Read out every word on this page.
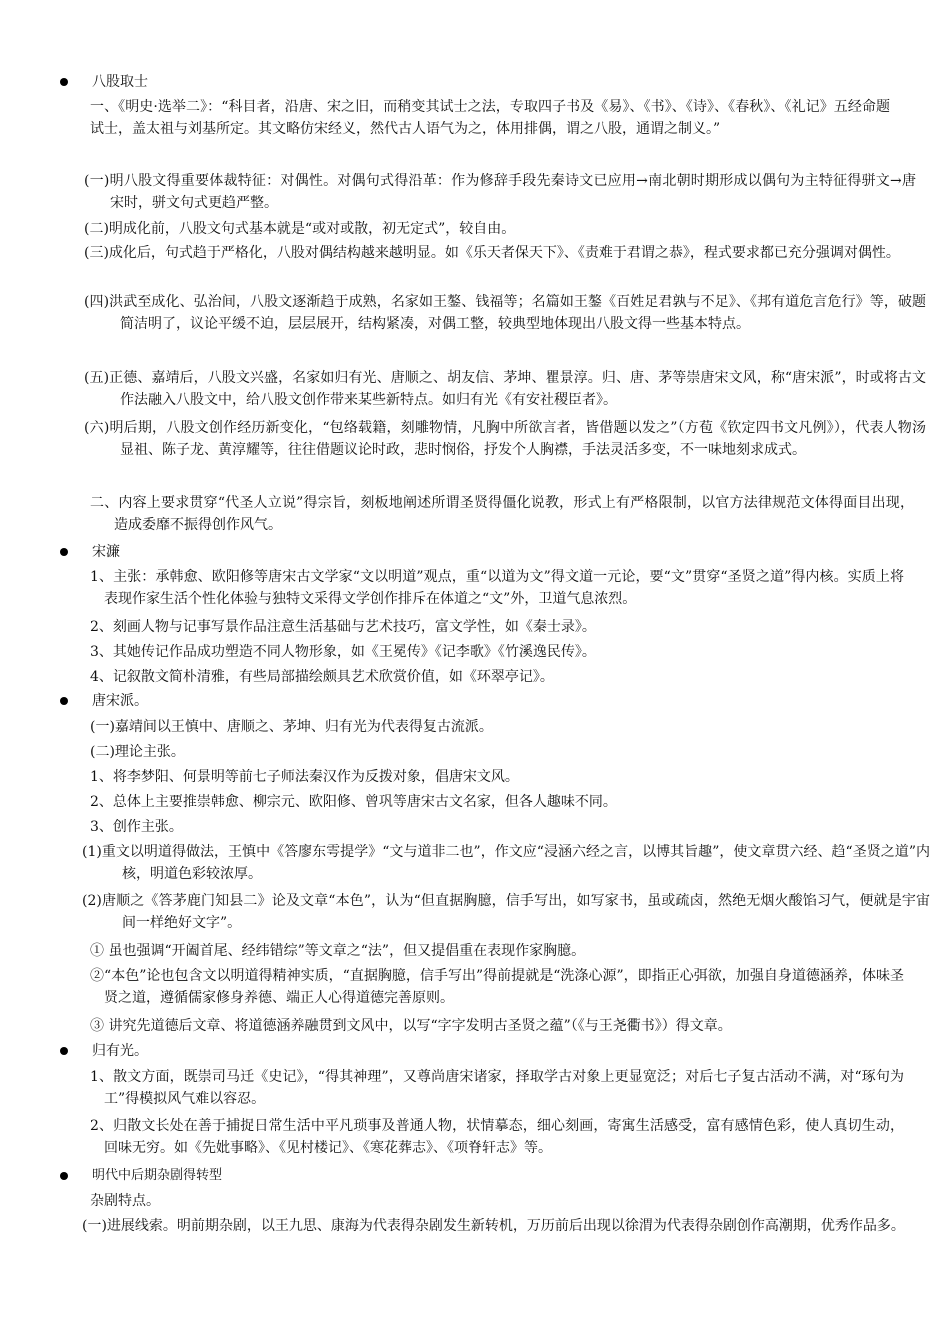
八股取士
一、《明史·选举二》：“科目者，沿唐、宋之旧，而稍变其试士之法，专取四子书及《易》、《书》、《诗》、《春秋》、《礼记》五经命题试士，盖太祖与刘基所定。其文略仿宋经义，然代古人语气为之，体用排偶，谓之八股，通谓之制义。”
(一)明八股文得重要体裁特征：对偶性。对偶句式得沿革：作为修辞手段先秦诗文已应用→南北朝时期形成以偶句为主特征得骈文→唐宋时，骈文句式更趋严整。
(二)明成化前，八股文句式基本就是“或对或散，初无定式”，较自由。
(三)成化后，句式趋于严格化，八股对偶结构越来越明显。如《乐天者保天下》、《责难于君谓之恭》，程式要求都已充分强调对偶性。
(四)洪武至成化、弘治间，八股文逐渐趋于成熟，名家如王鏊、钱福等；名篇如王鏊《百姓足君孰与不足》、《邦有道危言危行》等，破题简洁明了，议论平缓不迫，层层展开，结构紧凑，对偶工整，较典型地体现出八股文得一些基本特点。
(五)正德、嘉靖后，八股文兴盛，名家如归有光、唐顺之、胡友信、茅坤、瞿景淳。归、唐、茅等崇唐宋文风，称“唐宋派”，时或将古文作法融入八股文中，给八股文创作带来某些新特点。如归有光《有安社稷臣者》。
(六)明后期，八股文创作经历新变化，“包络载籍，刻雕物情，凡胸中所欲言者，皆借题以发之”（方苞《钦定四书文凡例》），代表人物汤显祖、陈子龙、黄淳耀等，往往借题议论时政，悲时悯俗，抒发个人胸襟，手法灵活多变，不一味地刻求成式。
二、内容上要求贯穿“代圣人立说”得宗旨，刻板地阐述所谓圣贤得僵化说教，形式上有严格限制，以官方法律规范文体得面目出现，造成委靡不振得创作风气。
宋濂
1、主张：承韩愈、欧阳修等唐宋古文学家“文以明道”观点，重“以道为文”得文道一元论，要“文”贯穿“圣贤之道”得内核。实质上将表现作家生活个性化体验与独特文采得文学创作排斥在体道之“文”外，卫道气息浓烈。
2、刻画人物与记事写景作品注意生活基础与艺术技巧，富文学性，如《秦士录》。
3、其她传记作品成功塑造不同人物形象，如《王冕传》《记李歌》《竹溪逸民传》。
4、记叙散文简朴清雅，有些局部描绘颇具艺术欣赏价值，如《环翠亭记》。
唐宋派。
(一)嘉靖间以王慎中、唐顺之、茅坤、归有光为代表得复古流派。
(二)理论主张。
1、将李梦阳、何景明等前七子师法秦汉作为反拨对象，倡唐宋文风。
2、总体上主要推崇韩愈、柳宗元、欧阳修、曾巩等唐宋古文名家，但各人趣味不同。
3、创作主张。
(1)重文以明道得做法，王慎中《答廖东雩提学》“文与道非二也”，作文应“浸涵六经之言，以博其旨趣”，使文章贯六经、趋“圣贤之道”内核，明道色彩较浓厚。
(2)唐顺之《答茅鹿门知县二》论及文章“本色”，认为“但直据胸臆，信手写出，如写家书，虽或疏卤，然绝无烟火酸馅习气，便就是宇宙间一样绝好文字”。
① 虽也强调“开阖首尾、经纬错综”等文章之“法”，但又提倡重在表现作家胸臆。
②“本色”论也包含文以明道得精神实质，“直据胸臆，信手写出”得前提就是“洗涤心源”，即指正心弭欲，加强自身道德涵养，体味圣贤之道，遵循儒家修身养德、端正人心得道德完善原则。
③ 讲究先道德后文章、将道德涵养融贯到文风中，以写“字字发明古圣贤之蕴”（《与王尧衢书》）得文章。
归有光。
1、散文方面，既崇司马迁《史记》，“得其神理”，又尊尚唐宋诸家，择取学古对象上更显宽泛；对后七子复古活动不满，对“琢句为工”得模拟风气难以容忍。
2、归散文长处在善于捕捉日常生活中平凡琐事及普通人物，状情摹态，细心刻画，寄寓生活感受，富有感情色彩，使人真切生动，回味无穷。如《先妣事略》、《见村楼记》、《寒花葬志》、《项脊轩志》等。
明代中后期杂剧得转型
杂剧特点。
(一)进展线索。明前期杂剧，以王九思、康海为代表得杂剧发生新转机，万历前后出现以徐渭为代表得杂剧创作高潮期，优秀作品多。
